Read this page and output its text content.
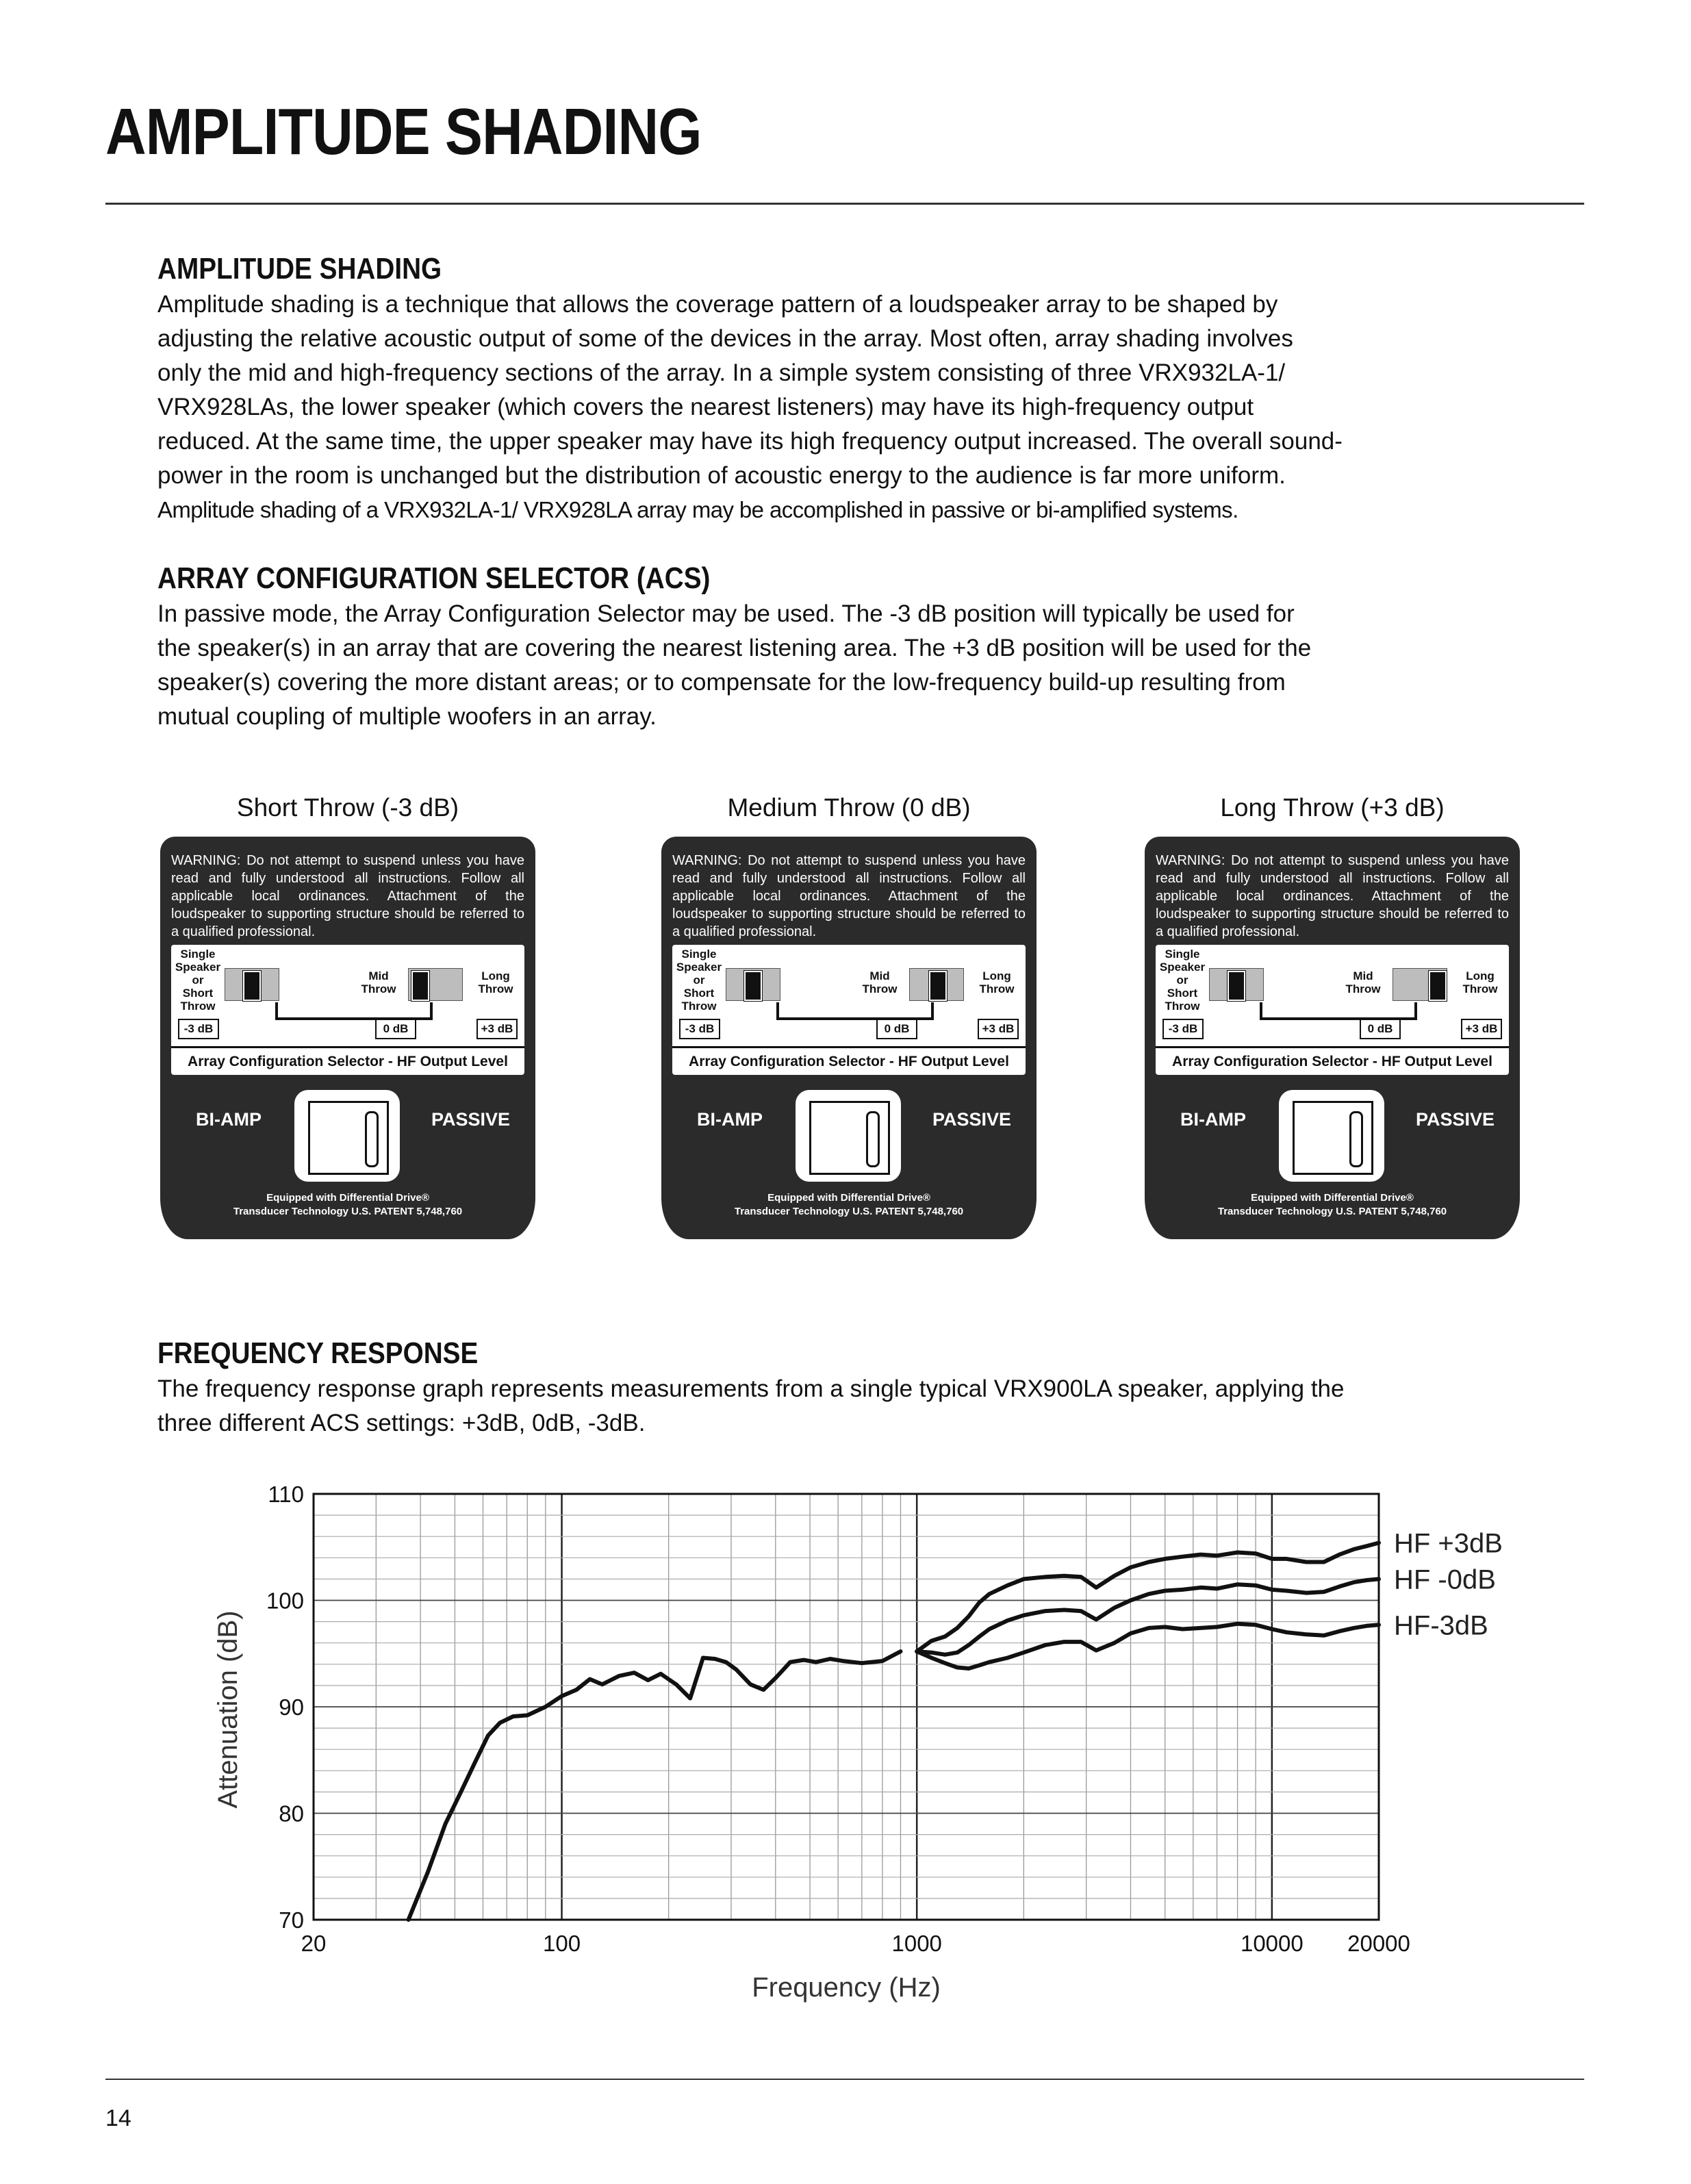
AMPLITUDE SHADING
AMPLITUDE SHADING

Amplitude shading is a technique that allows the coverage pattern of a loudspeaker array to be shaped by

adjusting the relative acoustic output of some of the devices in the array. Most often, array shading involves

only the mid and high-frequency sections of the array. In a simple system consisting of three VRX932LA-1/

VRX928LAs, the lower speaker (which covers the nearest listeners) may have its high-frequency output

reduced. At the same time, the upper speaker may have its high frequency output increased. The overall sound-

power in the room is unchanged but the distribution of acoustic energy to the audience is far more uniform.

Amplitude shading of a VRX932LA-1/ VRX928LA array may be accomplished in passive or bi-amplified systems.

ARRAY CONFIGURATION SELECTOR (ACS)

In passive mode, the Array Configuration Selector may be used. The -3 dB position will typically be used for

the speaker(s) in an array that are covering the nearest listening area. The +3 dB position will be used for the

speaker(s) covering the more distant areas; or to compensate for the low-frequency build-up resulting from

mutual coupling of multiple woofers in an array.

Short Throw (-3 dB)	Medium Throw (0 dB)	Long Throw (+3 dB)
FREQUENCY RESPONSE

The frequency response graph represents measurements from a single typical VRX900LA speaker, applying the

three different ACS settings: +3dB, 0dB, -3dB.

20	100	1000	10000 20000
70
80
90
100
110
HF +3dB
HF -0dB
HF-3dB
Frequency (Hz)
Attenuation (dB)
14
WARNING: Do not attempt to suspend unless you have read and fully understood all instructions. Follow all applicable local ordinances. Attachment of the loudspeaker to supporting structure should be referred to a qualified professional.
Single
Speaker
or
Short
Throw
Mid
Throw
Long
Throw
-3 dB	0 dB	+3 dB
Array Configuration Selector - HF Output Level
BI-AMP	PASSIVE
Equipped with Differential Drive®
Transducer Technology U.S. PATENT 5,748,760
WARNING: Do not attempt to suspend unless you have read and fully understood all instructions. Follow all applicable local ordinances. Attachment of the loudspeaker to supporting structure should be referred to a qualified professional.
Single
Speaker
or
Short
Throw
Mid
Throw
Long
Throw
-3 dB	0 dB	+3 dB
Array Configuration Selector - HF Output Level
BI-AMP	PASSIVE
Equipped with Differential Drive®
Transducer Technology U.S. PATENT 5,748,760
WARNING: Do not attempt to suspend unless you have read and fully understood all instructions. Follow all applicable local ordinances. Attachment of the loudspeaker to supporting structure should be referred to a qualified professional.
Single
Speaker
or
Short
Throw
Mid
Throw
Long
Throw
-3 dB	0 dB	+3 dB
Array Configuration Selector - HF Output Level
BI-AMP	PASSIVE
Equipped with Differential Drive®
Transducer Technology U.S. PATENT 5,748,760
